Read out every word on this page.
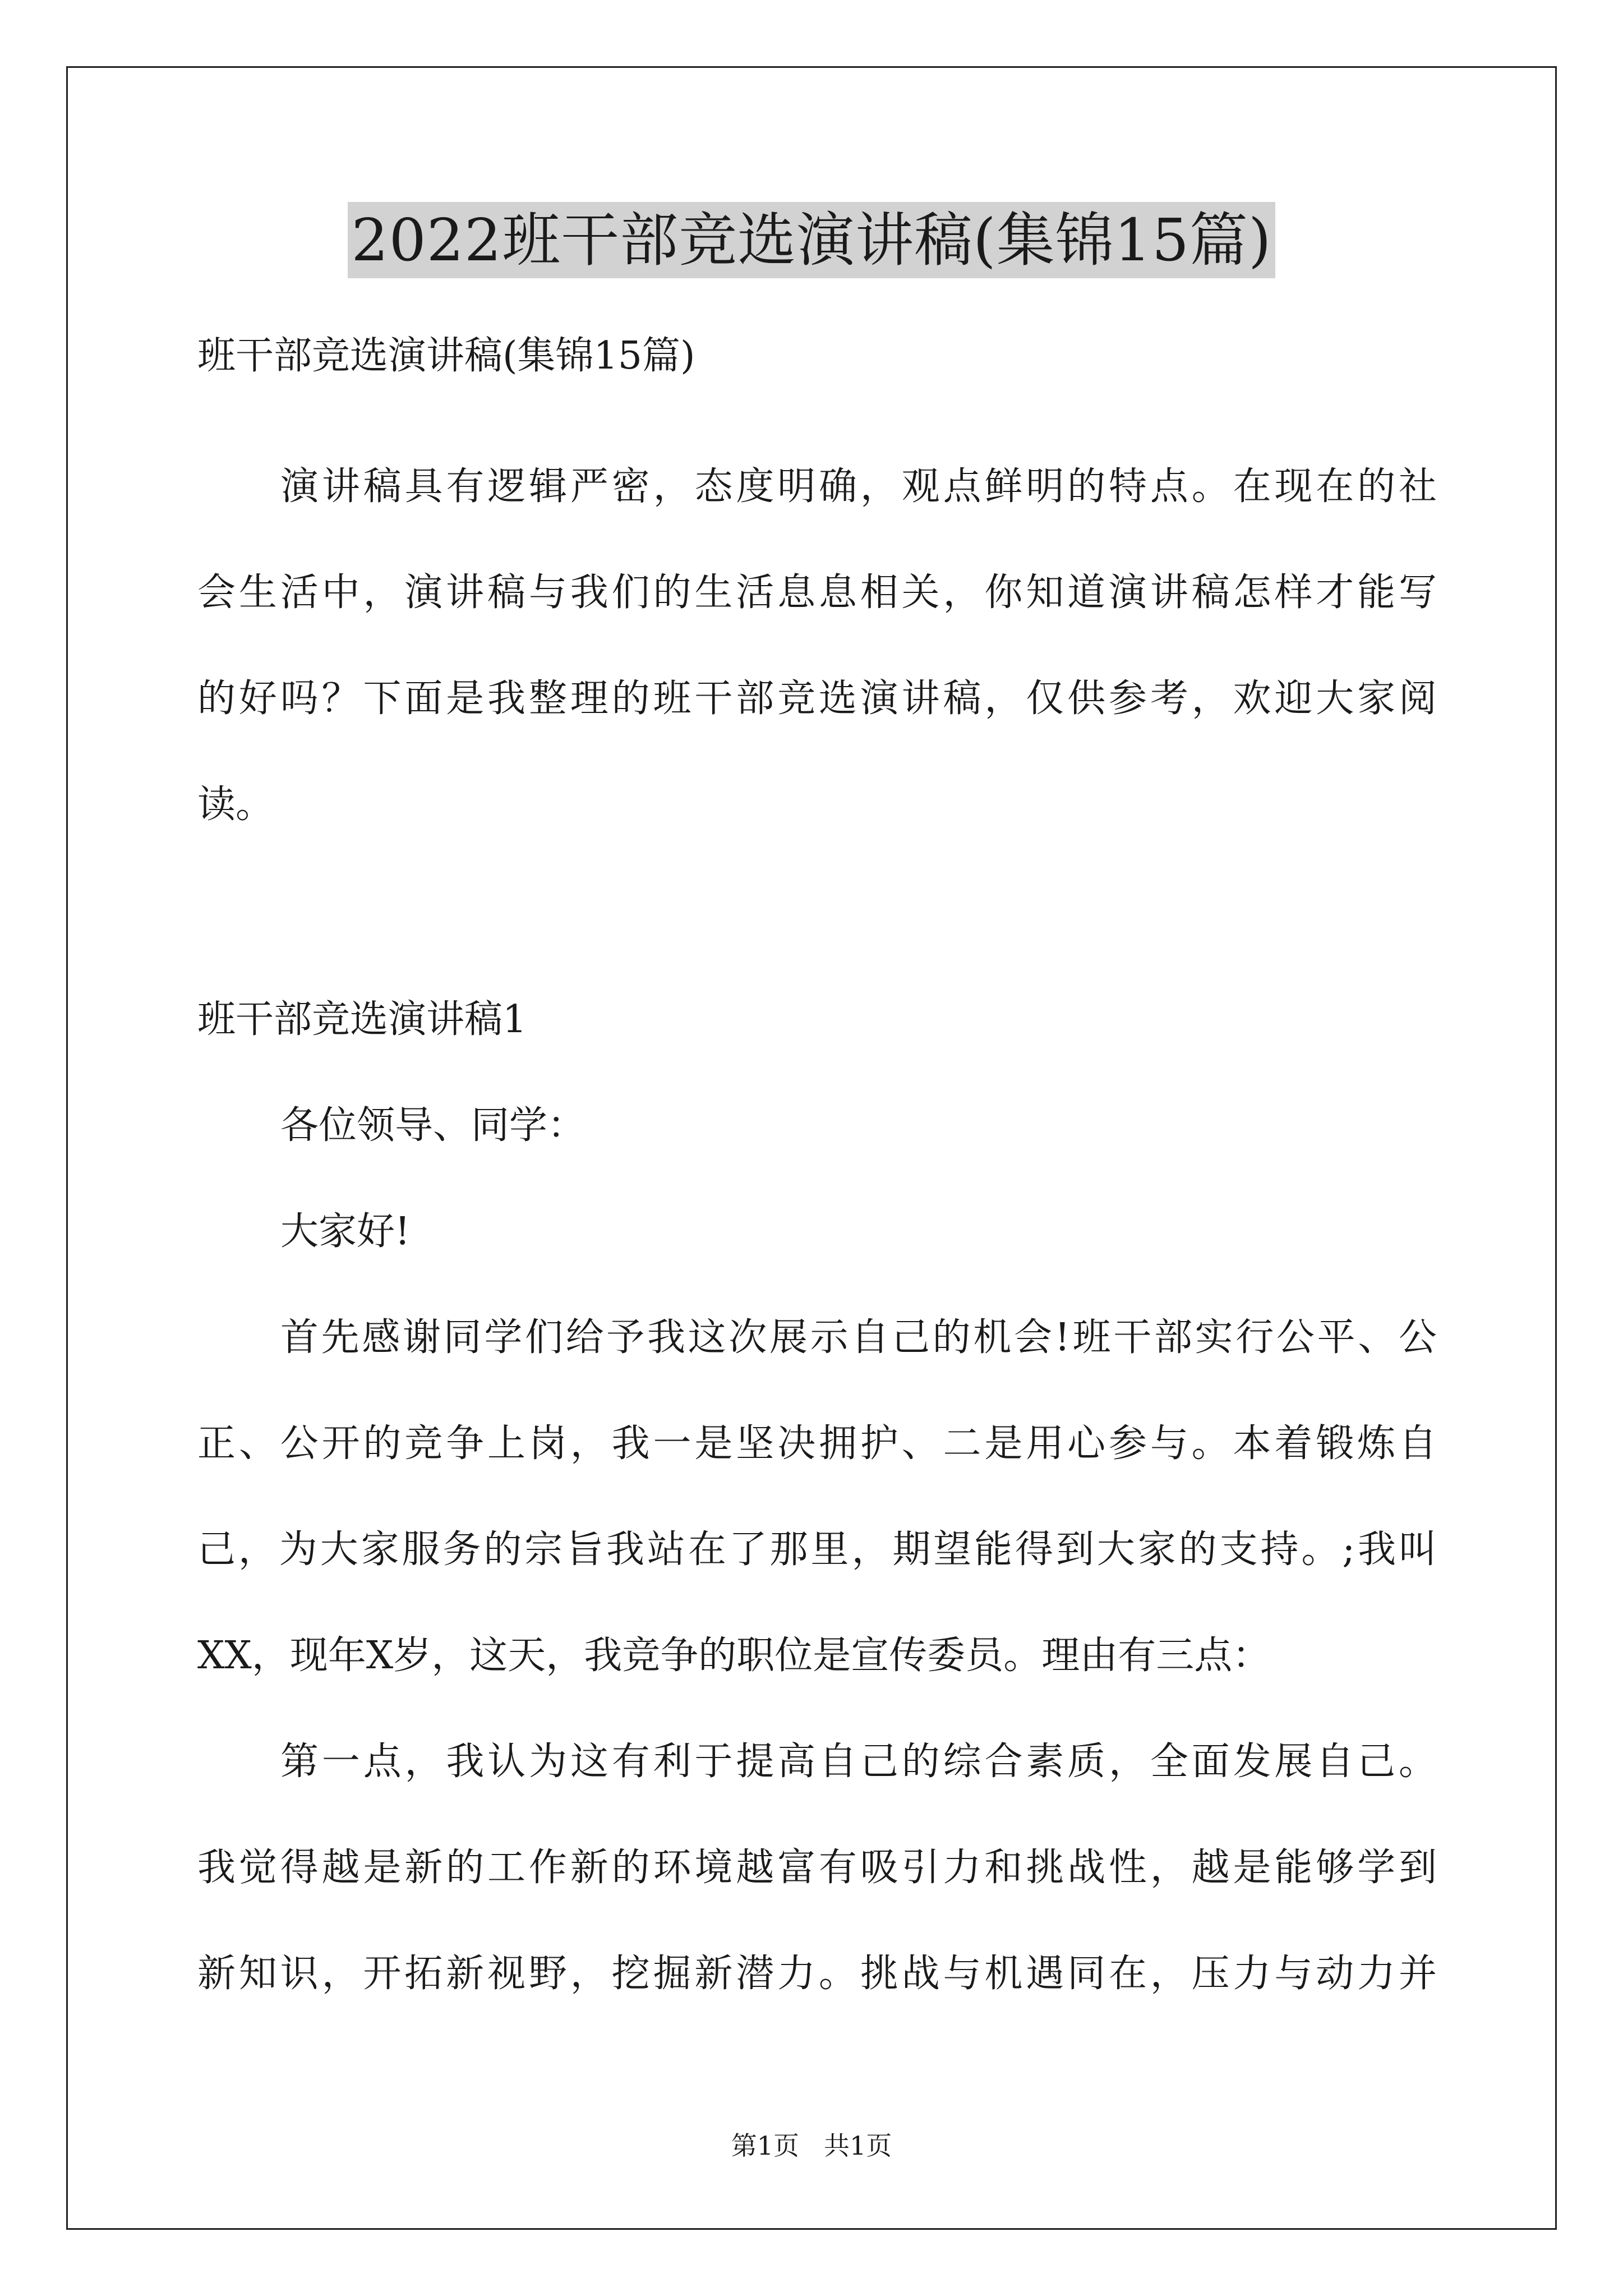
2022班干部竞选演讲稿(集锦15篇)
班干部竞选演讲稿(集锦15篇)
演讲稿具有逻辑严密，态度明确，观点鲜明的特点。在现在的社
会生活中，演讲稿与我们的生活息息相关，你知道演讲稿怎样才能写
的好吗？下面是我整理的班干部竞选演讲稿，仅供参考，欢迎大家阅
读。
班干部竞选演讲稿1
各位领导、同学：
大家好!
首先感谢同学们给予我这次展示自己的机会!班干部实行公平、公
正、公开的竞争上岗，我一是坚决拥护、二是用心参与。本着锻炼自
己，为大家服务的宗旨我站在了那里，期望能得到大家的支持。;我叫
XX，现年X岁，这天，我竞争的职位是宣传委员。理由有三点：
第一点，我认为这有利于提高自己的综合素质，全面发展自己。
我觉得越是新的工作新的环境越富有吸引力和挑战性，越是能够学到
新知识，开拓新视野，挖掘新潜力。挑战与机遇同在，压力与动力并
第1页 共1页
